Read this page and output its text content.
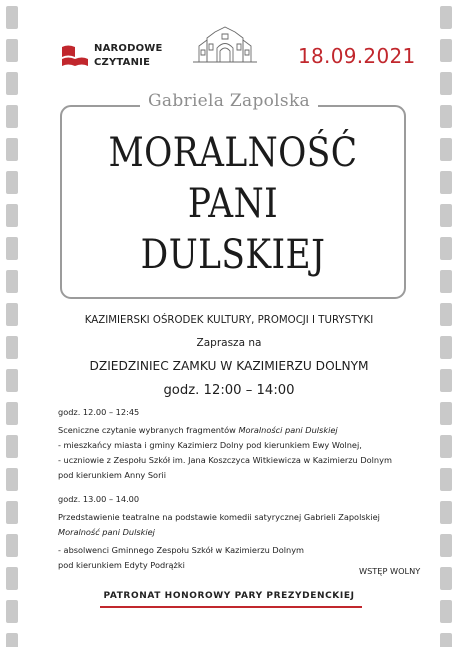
NARODOWE
CZYTANIE	18.09.2021
Gabriela Zapolska
MORALNOŚĆ
PANI
DULSKIEJ
KAZIMIERSKI OŚRODEK KULTURY, PROMOCJI I TURYSTYKI
Zaprasza na
DZIEDZINIEC ZAMKU W KAZIMIERZU DOLNYM
godz. 12:00 – 14:00
godz. 12.00 – 12:45
Sceniczne czytanie wybranych fragmentów Moralności pani Dulskiej
- mieszkańcy miasta i gminy Kazimierz Dolny pod kierunkiem Ewy Wolnej,
- uczniowie z Zespołu Szkół im. Jana Koszczyca Witkiewicza w Kazimierzu Dolnym
pod kierunkiem Anny Sorii
godz. 13.00 – 14.00
Przedstawienie teatralne na podstawie komedii satyrycznej Gabrieli Zapolskiej
Moralność pani Dulskiej
- absolwenci Gminnego Zespołu Szkół w Kazimierzu Dolnym
pod kierunkiem Edyty Podrążki
WSTĘP WOLNY
PATRONAT HONOROWY PARY PREZYDENCKIEJ
